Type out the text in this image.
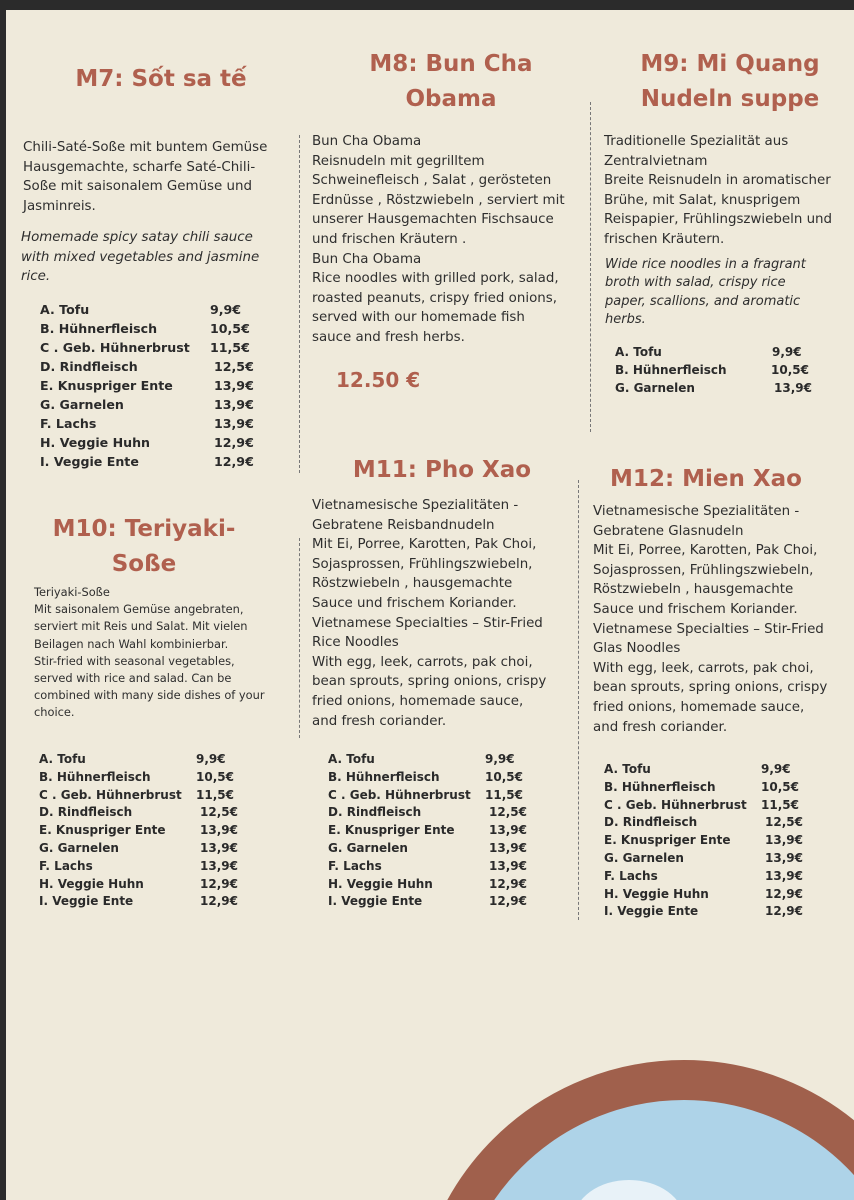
M7: Sốt sa tế
Chili-Saté-Soße mit buntem Gemüse
Hausgemachte, scharfe Saté-Chili-
Soße mit saisonalem Gemüse und
Jasminreis.
Homemade spicy satay chili sauce
with mixed vegetables and jasmine
rice.
A. Tofu	9,9€
B. Hühnerfleisch	10,5€
C . Geb. Hühnerbrust 11,5€
D. Rindfleisch	12,5€
E. Knuspriger Ente	13,9€
G. Garnelen	13,9€
F. Lachs	13,9€
H. Veggie Huhn	12,9€
I. Veggie Ente	12,9€
M8: Bun Cha
Obama
Bun Cha Obama
Reisnudeln mit gegrilltem
Schweinefleisch , Salat , gerösteten
Erdnüsse , Röstzwiebeln , serviert mit
unserer Hausgemachten Fischsauce
und frischen Kräutern .
Bun Cha Obama
Rice noodles with grilled pork, salad,
roasted peanuts, crispy fried onions,
served with our homemade fish
sauce and fresh herbs.
12.50 €
M9: Mi Quang
Nudeln suppe
Traditionelle Spezialität aus
Zentralvietnam
Breite Reisnudeln in aromatischer
Brühe, mit Salat, knusprigem
Reispapier, Frühlingszwiebeln und
frischen Kräutern.
Wide rice noodles in a fragrant
broth with salad, crispy rice
paper, scallions, and aromatic
herbs.
A. Tofu	9,9€
B. Hühnerfleisch	10,5€
G. Garnelen	13,9€
M10: Teriyaki-
Soße
Teriyaki-Soße
Mit saisonalem Gemüse angebraten,
serviert mit Reis und Salat. Mit vielen
Beilagen nach Wahl kombinierbar.
Stir-fried with seasonal vegetables,
served with rice and salad. Can be
combined with many side dishes of your
choice.
A. Tofu	9,9€
B. Hühnerfleisch	10,5€
C . Geb. Hühnerbrust 11,5€
D. Rindfleisch	12,5€
E. Knuspriger Ente	13,9€
G. Garnelen	13,9€
F. Lachs	13,9€
H. Veggie Huhn	12,9€
I. Veggie Ente	12,9€
M11: Pho Xao
Vietnamesische Spezialitäten -
Gebratene Reisbandnudeln
Mit Ei, Porree, Karotten, Pak Choi,
Sojasprossen, Frühlingszwiebeln,
Röstzwiebeln , hausgemachte
Sauce und frischem Koriander.
Vietnamese Specialties – Stir-Fried
Rice Noodles
With egg, leek, carrots, pak choi,
bean sprouts, spring onions, crispy
fried onions, homemade sauce,
and fresh coriander.
A. Tofu	9,9€
B. Hühnerfleisch	10,5€
C . Geb. Hühnerbrust 11,5€
D. Rindfleisch	12,5€
E. Knuspriger Ente	13,9€
G. Garnelen	13,9€
F. Lachs	13,9€
H. Veggie Huhn	12,9€
I. Veggie Ente	12,9€
M12: Mien Xao
Vietnamesische Spezialitäten -
Gebratene Glasnudeln
Mit Ei, Porree, Karotten, Pak Choi,
Sojasprossen, Frühlingszwiebeln,
Röstzwiebeln , hausgemachte
Sauce und frischem Koriander.
Vietnamese Specialties – Stir-Fried
Glas Noodles
With egg, leek, carrots, pak choi,
bean sprouts, spring onions, crispy
fried onions, homemade sauce,
and fresh coriander.
A. Tofu	9,9€
B. Hühnerfleisch	10,5€
C . Geb. Hühnerbrust 11,5€
D. Rindfleisch	12,5€
E. Knuspriger Ente	13,9€
G. Garnelen	13,9€
F. Lachs	13,9€
H. Veggie Huhn	12,9€
I. Veggie Ente	12,9€
